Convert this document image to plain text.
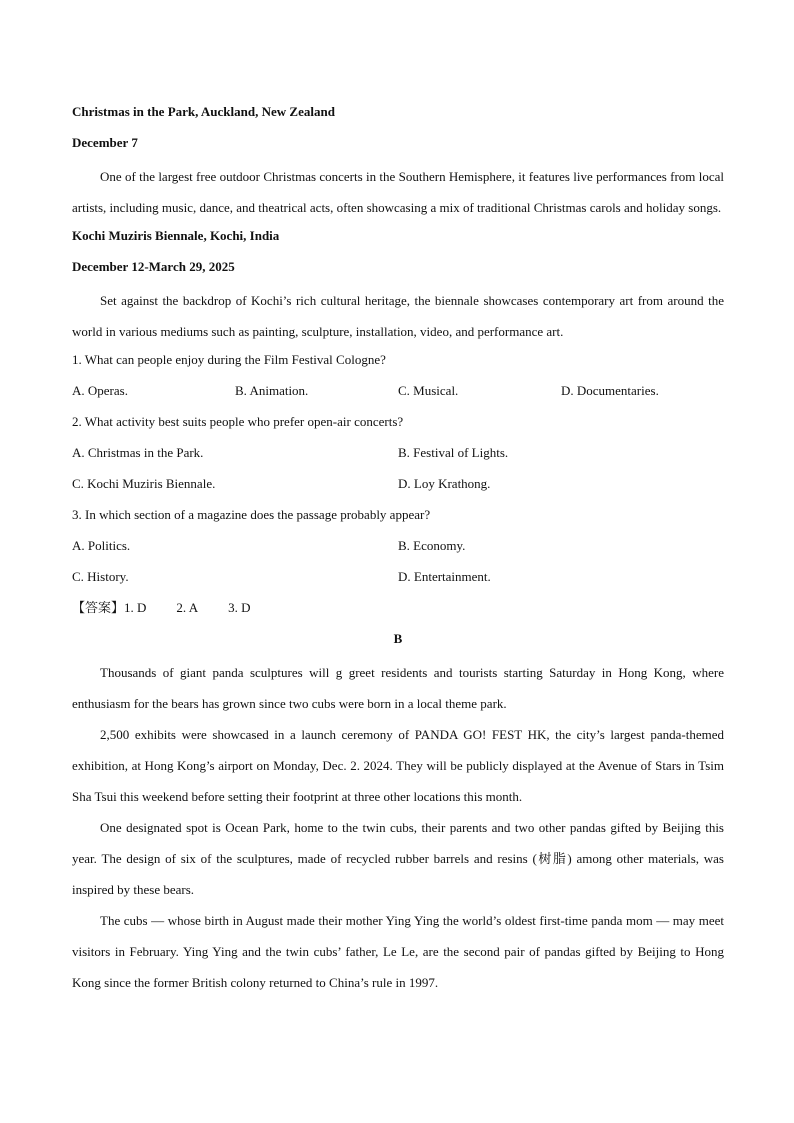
Christmas in the Park, Auckland, New Zealand
December 7

One of the largest free outdoor Christmas concerts in the Southern Hemisphere, it features live performances from local artists, including music, dance, and theatrical acts, often showcasing a mix of traditional Christmas carols and holiday songs.

Kochi Muziris Biennale, Kochi, India
December 12-March 29, 2025

Set against the backdrop of Kochi’s rich cultural heritage, the biennale showcases contemporary art from around the world in various mediums such as painting, sculpture, installation, video, and performance art.

1. What can people enjoy during the Film Festival Cologne?
A. Operas.	B. Animation.	C. Musical.	D. Documentaries.
2. What activity best suits people who prefer open-air concerts?
A. Christmas in the Park.	B. Festival of Lights.
C. Kochi Muziris Biennale.	D. Loy Krathong.
3. In which section of a magazine does the passage probably appear?
A. Politics.	B. Economy.
C. History.	D. Entertainment.
【答案】1. D 2. A 3. D
B

Thousands of giant panda sculptures will g greet residents and tourists starting Saturday in Hong Kong, where enthusiasm for the bears has grown since two cubs were born in a local theme park.

2,500 exhibits were showcased in a launch ceremony of PANDA GO! FEST HK, the city’s largest panda-themed exhibition, at Hong Kong’s airport on Monday, Dec. 2. 2024. They will be publicly displayed at the Avenue of Stars in Tsim Sha Tsui this weekend before setting their footprint at three other locations this month.

One designated spot is Ocean Park, home to the twin cubs, their parents and two other pandas gifted by Beijing this year. The design of six of the sculptures, made of recycled rubber barrels and resins (树脂) among other materials, was inspired by these bears.

The cubs — whose birth in August made their mother Ying Ying the world’s oldest first-time panda mom — may meet visitors in February. Ying Ying and the twin cubs’ father, Le Le, are the second pair of pandas gifted by Beijing to Hong Kong since the former British colony returned to China’s rule in 1997.
